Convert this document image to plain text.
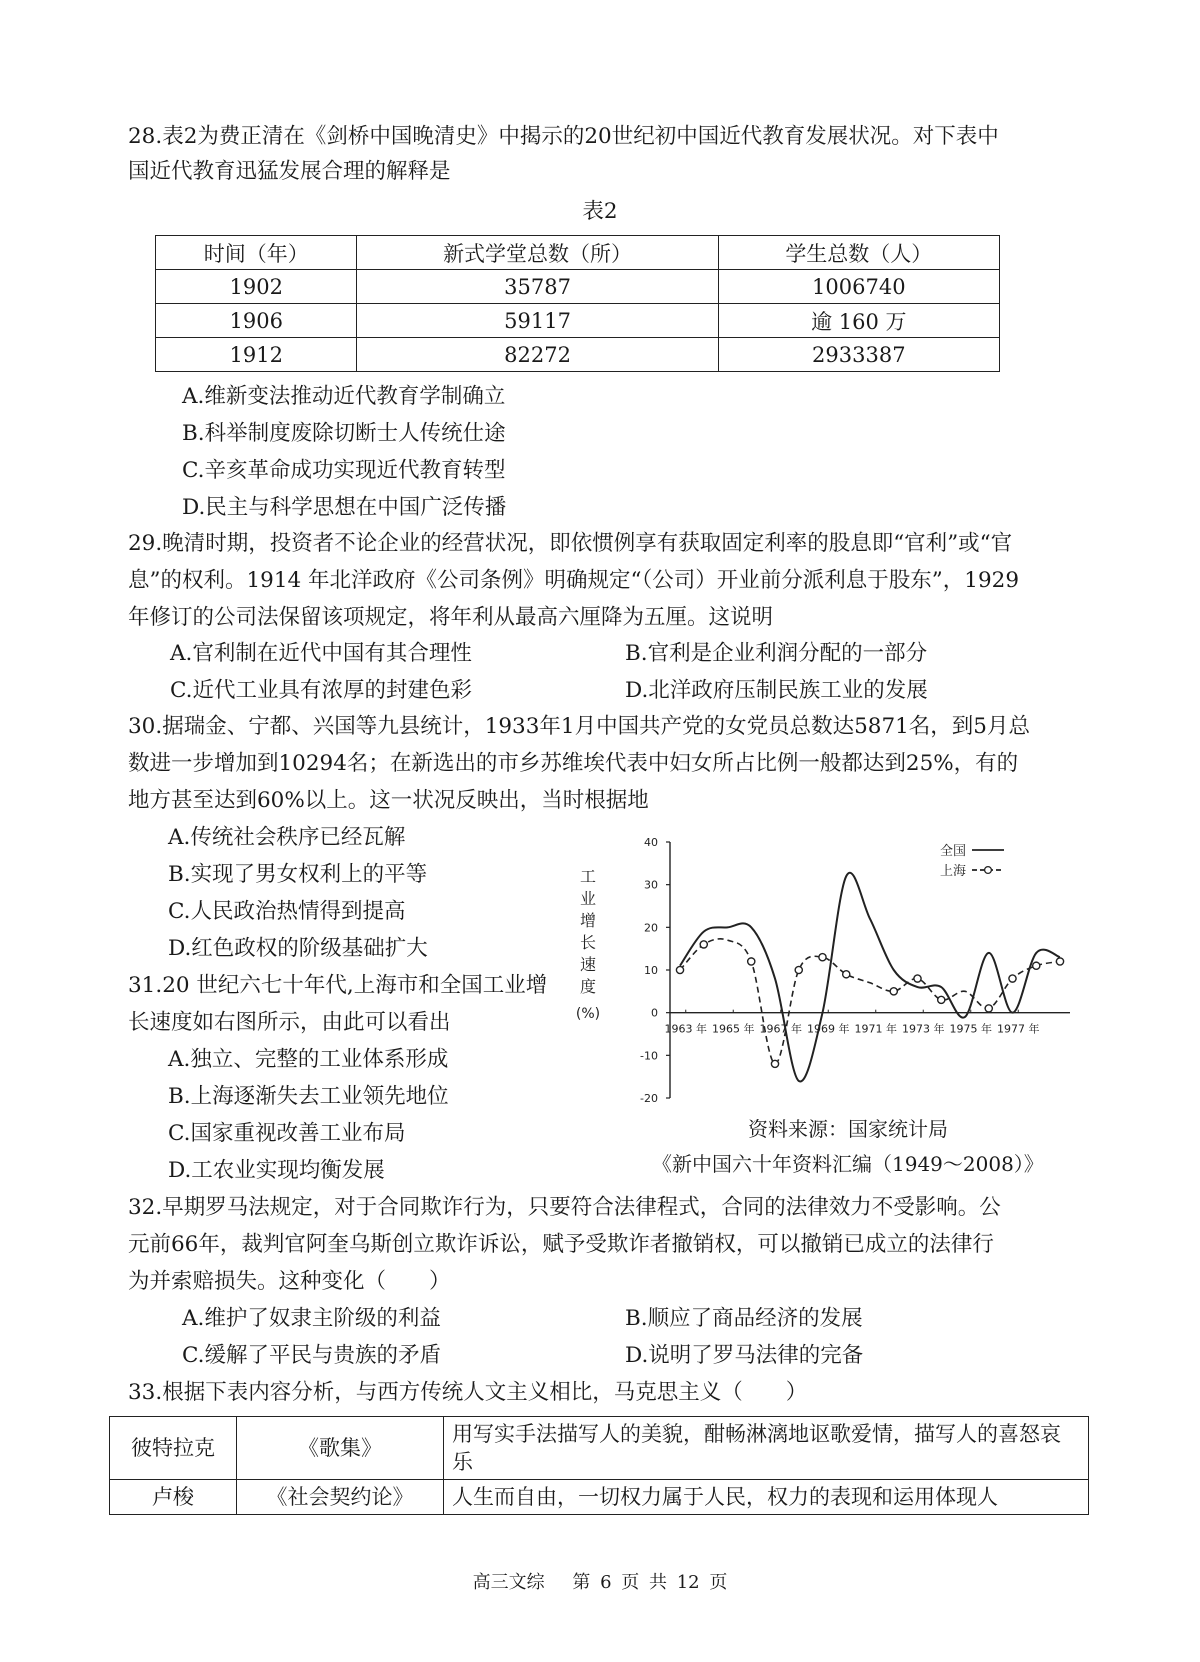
28.表2为费正清在《剑桥中国晚清史》中揭示的20世纪初中国近代教育发展状况。对下表中
国近代教育迅猛发展合理的解释是
表2
时间（年）	新式学堂总数（所）	学生总数（人）
1902	35787	1006740
1906	59117	逾 160 万
1912	82272	2933387
A.维新变法推动近代教育学制确立
B.科举制度废除切断士人传统仕途
C.辛亥革命成功实现近代教育转型
D.民主与科学思想在中国广泛传播
29.晚清时期，投资者不论企业的经营状况，即依惯例享有获取固定利率的股息即“官利”或“官
息”的权利。1914 年北洋政府《公司条例》明确规定“（公司）开业前分派利息于股东”，1929
年修订的公司法保留该项规定，将年利从最高六厘降为五厘。这说明
A.官利制在近代中国有其合理性	B.官利是企业利润分配的一部分
C.近代工业具有浓厚的封建色彩	D.北洋政府压制民族工业的发展
30.据瑞金、宁都、兴国等九县统计，1933年1月中国共产党的女党员总数达5871名，到5月总
数进一步增加到10294名；在新选出的市乡苏维埃代表中妇女所占比例一般都达到25%，有的
地方甚至达到60%以上。这一状况反映出，当时根据地
A.传统社会秩序已经瓦解
B.实现了男女权利上的平等
C.人民政治热情得到提高
D.红色政权的阶级基础扩大
31.20 世纪六七十年代,上海市和全国工业增
长速度如右图所示，由此可以看出
A.独立、完整的工业体系形成
B.上海逐渐失去工业领先地位
C.国家重视改善工业布局
D.工农业实现均衡发展
40
30
20
10
0
-10
-20
工
业
增
长
速
度
(%)
1963 年 1965 年 1967 年 1969 年 1971 年 1973 年 1975 年 1977 年
全国
上海
资料来源：国家统计局
《新中国六十年资料汇编（1949～2008）》
32.早期罗马法规定，对于合同欺诈行为，只要符合法律程式，合同的法律效力不受影响。公
元前66年，裁判官阿奎乌斯创立欺诈诉讼，赋予受欺诈者撤销权，可以撤销已成立的法律行
为并索赔损失。这种变化（　　）
A.维护了奴隶主阶级的利益	B.顺应了商品经济的发展
C.缓解了平民与贵族的矛盾	D.说明了罗马法律的完备
33.根据下表内容分析，与西方传统人文主义相比，马克思主义（　　）
彼特拉克	《歌集》	用写实手法描写人的美貌，酣畅淋漓地讴歌爱情，描写人的喜怒哀乐
卢梭	《社会契约论》	人生而自由，一切权力属于人民，权力的表现和运用体现人
高三文综　 第 6 页 共 12 页
